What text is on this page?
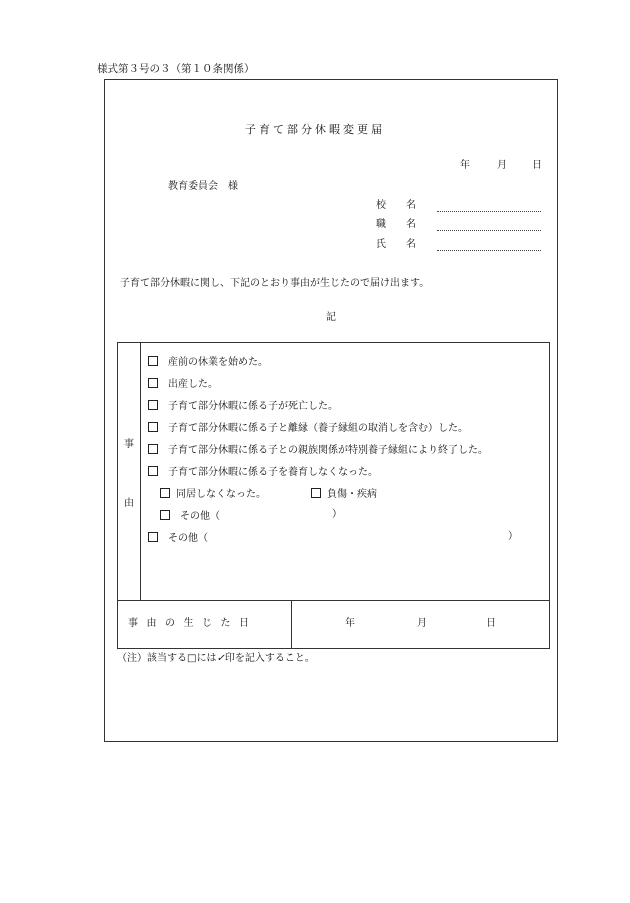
様式第３号の３（第１０条関係）
子育て部分休暇変更届
年	月	日
教育委員会　様
校　　名
職　　名
氏　　名
子育て部分休暇に関し、下記のとおり事由が生じたので届け出ます。
記
事
由
産前の休業を始めた。
出産した。
子育て部分休暇に係る子が死亡した。
子育て部分休暇に係る子と離縁（養子縁組の取消しを含む）した。
子育て部分休暇に係る子との親族関係が特別養子縁組により終了した。
子育て部分休暇に係る子を養育しなくなった。
同居しなくなった。	負傷・疾病
その他（	）
その他（	）
事由の生じた日	年	月	日
（注）該当する□には✓印を記入すること。
